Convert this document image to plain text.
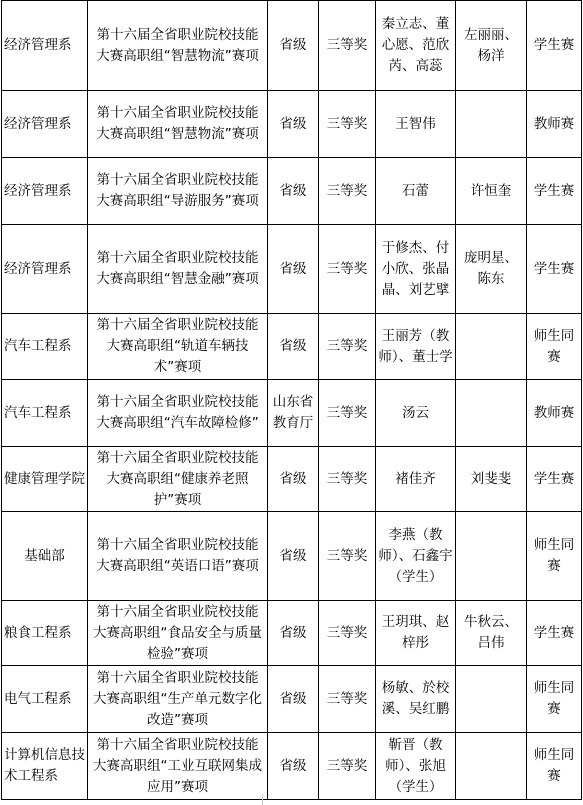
经济管理系	第十六届全省职业院校技能大赛高职组“智慧物流”赛项	省级	三等奖	秦立志、董心愿、范欣芮、高蕊	左丽丽、杨洋	学生赛
经济管理系	第十六届全省职业院校技能大赛高职组“智慧物流”赛项	省级	三等奖	王智伟		教师赛
经济管理系	第十六届全省职业院校技能大赛高职组“导游服务”赛项	省级	三等奖	石蕾	许恒奎	学生赛
经济管理系	第十六届全省职业院校技能大赛高职组“智慧金融”赛项	省级	三等奖	于修杰、付小欣、张晶晶、刘艺擘	庞明星、陈东	学生赛
汽车工程系	第十六届全省职业院校技能大赛高职组“轨道车辆技术”赛项	省级	三等奖	王丽芳（教师）、董士学		师生同赛
汽车工程系	第十六届全省职业院校技能大赛高职组“汽车故障检修”	山东省教育厅	三等奖	汤云		教师赛
健康管理学院	第十六届全省职业院校技能大赛高职组“健康养老照护”赛项	省级	三等奖	褚佳齐	刘斐斐	学生赛
基础部	第十六届全省职业院校技能大赛高职组“英语口语”赛项	省级	三等奖	李燕（教师）、石鑫宇（学生）		师生同赛
粮食工程系	第十六届全省职业院校技能大赛高职组“食品安全与质量检验”赛项	省级	三等奖	王玥琪、赵梓彤	牛秋云、吕伟	学生赛
电气工程系	第十六届全省职业院校技能大赛高职组“生产单元数字化改造”赛项	省级	三等奖	杨敏、於校溪、吴红鹏		师生同赛
计算机信息技术工程系	第十六届全省职业院校技能大赛高职组“工业互联网集成应用”赛项	省级	三等奖	靳晋（教师）、张旭（学生）		师生同赛
